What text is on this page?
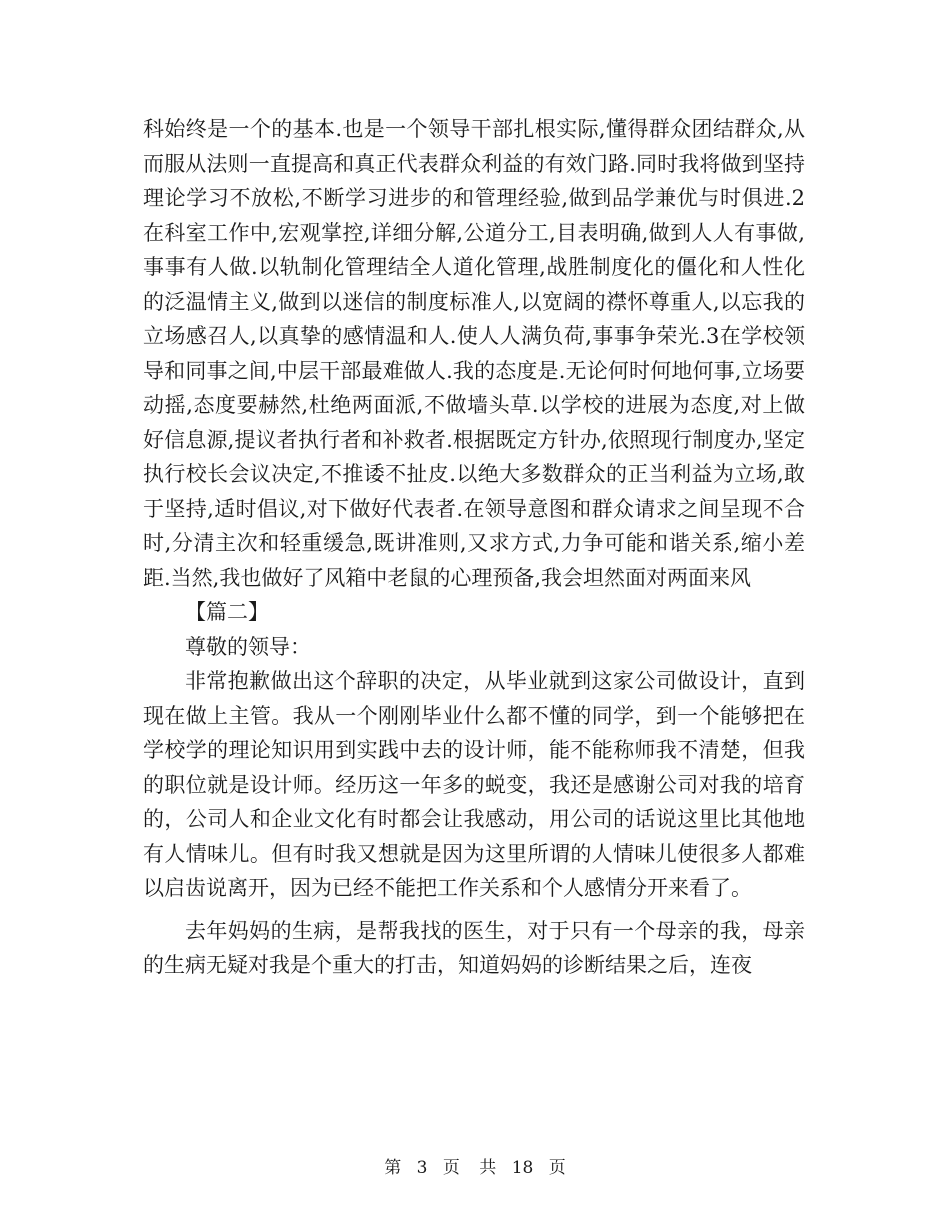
科始终是一个的基本.也是一个领导干部扎根实际,懂得群众团结群众,从而服从法则一直提高和真正代表群众利益的有效门路.同时我将做到坚持理论学习不放松,不断学习进步的和管理经验,做到品学兼优与时俱进.2在科室工作中,宏观掌控,详细分解,公道分工,目表明确,做到人人有事做,事事有人做.以轨制化管理结全人道化管理,战胜制度化的僵化和人性化的泛温情主义,做到以迷信的制度标准人,以宽阔的襟怀尊重人,以忘我的立场感召人,以真挚的感情温和人.使人人满负荷,事事争荣光.3在学校领导和同事之间,中层干部最难做人.我的态度是.无论何时何地何事,立场要动摇,态度要赫然,杜绝两面派,不做墙头草.以学校的进展为态度,对上做好信息源,提议者执行者和补救者.根据既定方针办,依照现行制度办,坚定执行校长会议决定,不推诿不扯皮.以绝大多数群众的正当利益为立场,敢于坚持,适时倡议,对下做好代表者.在领导意图和群众请求之间呈现不合时,分清主次和轻重缓急,既讲准则,又求方式,力争可能和谐关系,缩小差距.当然,我也做好了风箱中老鼠的心理预备,我会坦然面对两面来风

【篇二】

尊敬的领导：

非常抱歉做出这个辞职的决定，从毕业就到这家公司做设计，直到现在做上主管。我从一个刚刚毕业什么都不懂的同学，到一个能够把在学校学的理论知识用到实践中去的设计师，能不能称师我不清楚，但我的职位就是设计师。经历这一年多的蜕变，我还是感谢公司对我的培育的，公司人和企业文化有时都会让我感动，用公司的话说这里比其他地有人情味儿。但有时我又想就是因为这里所谓的人情味儿使很多人都难以启齿说离开，因为已经不能把工作关系和个人感情分开来看了。

去年妈妈的生病，是帮我找的医生，对于只有一个母亲的我，母亲的生病无疑对我是个重大的打击，知道妈妈的诊断结果之后，连夜

第 3 页 共 18 页
